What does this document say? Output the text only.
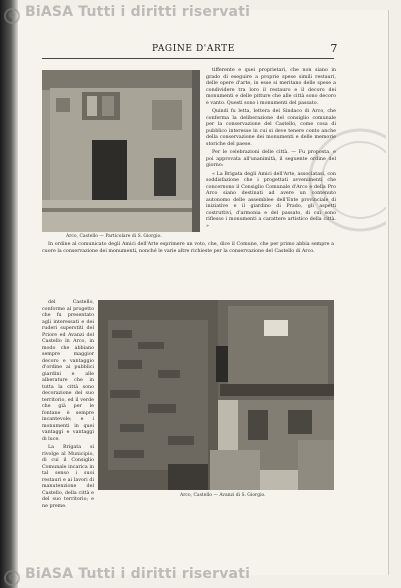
© BiASA Tutti i diritti riservati
PAGINE D'ARTE	7
Arco, Castello — Particolare di S. Giorgio.

tifferente e quei proprietari, che non siano in grado di eseguire a proprie spese simili restauri, delle opere d'arte, in esse si meritano delle spese a condividere tra loro il restauro e il decoro dei monumenti e delle pitture che alle città sono decoro e vanto. Questi sono i monumenti del passato.

Quindi fu letta, lettera del Sindaco di Arco, che conferma la deliberazione del consiglio comunale per la conservazione del Castello, come cosa di pubblico interesse in cui si deve tenere conto anche della conservazione dei monumenti e delle memorie storiche del paese.

Per le celebrazioni delle città. — Fu proposta, e poi approvata all'unanimità, il seguente ordine del giorno:

« La Brigata degli Amici dell'Arte, associatasi, con soddisfazione che i progettati avvenimenti che concernono il Consiglio Comunale d'Arco e della Pro Arco siano destinati ad avere un contenuto autonomo delle assemblee dell'Ente provinciale di iniziative e il giardino di Prado, gli aspetti costruttivi, d'armonia e del passato, di cui sono riflesso i monumenti a carattere artistico della città. »

In ordine al comunicato degli Amici dell'Arte esprimere un voto, che, dice il Comune, che per primo abbia sempre a cuore la conservazione dei monumenti, nonché le varie altre richieste per la conservazione del Castello di Arco.

del Castello, conforme al progetto che fu presentato agli interessati e dei ruderi superstiti del Priore ed Avanzi del Castello in Arco, in modo che abbiano sempre maggior decoro e vantaggio d'ordine ai pubblici giardini e alle alberature che in tutta la città sono decorazione del suo territorio, ed il verde che già per le fontane è sempre incantevole; e i monumenti in quei vantaggi e vantaggi di luce.

La Brigata si rivolge al Municipio, di cui il Consiglio Comunale incarica in tal senso i suoi restauri e ai lavori di manutenzione del Castello, della città e del suo territorio; e ne preme.

Arco, Castello — Avanzi di S. Giorgio.
© BiASA Tutti i diritti riservati
